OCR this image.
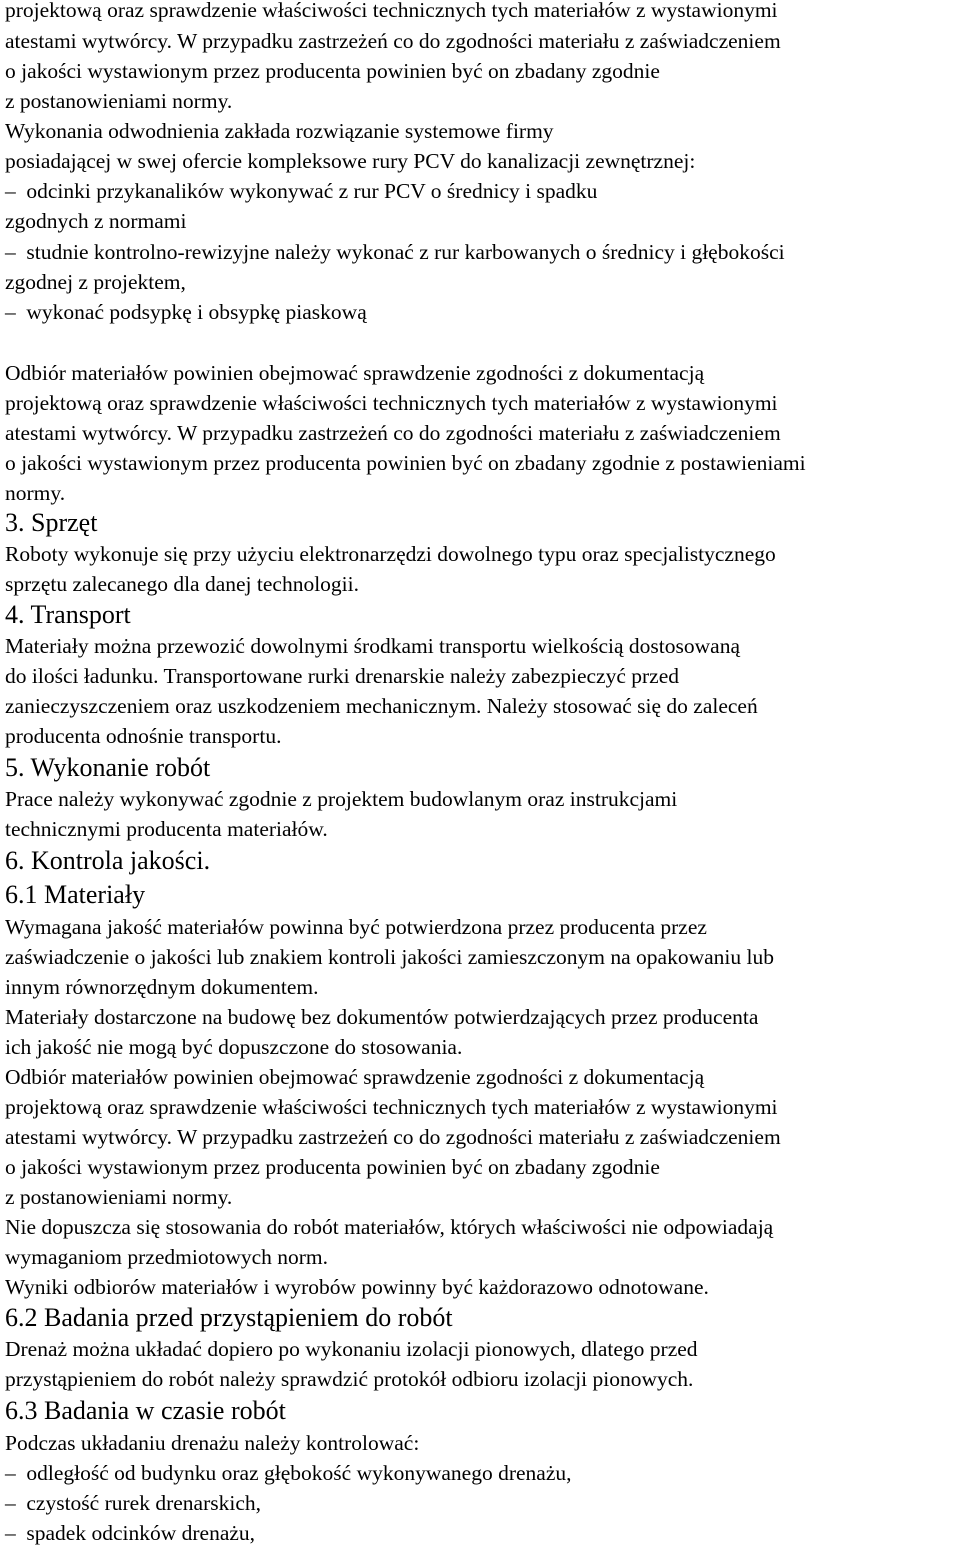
projektową oraz sprawdzenie właściwości technicznych tych materiałów z wystawionymi
atestami wytwórcy. W przypadku zastrzeżeń co do zgodności materiału z zaświadczeniem
o jakości wystawionym przez producenta powinien być on zbadany zgodnie
z postanowieniami normy.
Wykonania odwodnienia zakłada rozwiązanie systemowe firmy
posiadającej w swej ofercie kompleksowe rury PCV do kanalizacji zewnętrznej:
– odcinki przykanalików wykonywać z rur PCV o średnicy i spadku
zgodnych z normami
– studnie kontrolno-rewizyjne należy wykonać z rur karbowanych o średnicy i głębokości
zgodnej z projektem,
– wykonać podsypkę i obsypkę piaskową
Odbiór materiałów powinien obejmować sprawdzenie zgodności z dokumentacją
projektową oraz sprawdzenie właściwości technicznych tych materiałów z wystawionymi
atestami wytwórcy. W przypadku zastrzeżeń co do zgodności materiału z zaświadczeniem
o jakości wystawionym przez producenta powinien być on zbadany zgodnie z postawieniami
normy.
3. Sprzęt
Roboty wykonuje się przy użyciu elektronarzędzi dowolnego typu oraz specjalistycznego
sprzętu zalecanego dla danej technologii.
4. Transport
Materiały można przewozić dowolnymi środkami transportu wielkością dostosowaną
do ilości ładunku. Transportowane rurki drenarskie należy zabezpieczyć przed
zanieczyszczeniem oraz uszkodzeniem mechanicznym. Należy stosować się do zaleceń
producenta odnośnie transportu.
5. Wykonanie robót
Prace należy wykonywać zgodnie z projektem budowlanym oraz instrukcjami
technicznymi producenta materiałów.
6. Kontrola jakości.
6.1 Materiały
Wymagana jakość materiałów powinna być potwierdzona przez producenta przez
zaświadczenie o jakości lub znakiem kontroli jakości zamieszczonym na opakowaniu lub
innym równorzędnym dokumentem.
Materiały dostarczone na budowę bez dokumentów potwierdzających przez producenta
ich jakość nie mogą być dopuszczone do stosowania.
Odbiór materiałów powinien obejmować sprawdzenie zgodności z dokumentacją
projektową oraz sprawdzenie właściwości technicznych tych materiałów z wystawionymi
atestami wytwórcy. W przypadku zastrzeżeń co do zgodności materiału z zaświadczeniem
o jakości wystawionym przez producenta powinien być on zbadany zgodnie
z postanowieniami normy.
Nie dopuszcza się stosowania do robót materiałów, których właściwości nie odpowiadają
wymaganiom przedmiotowych norm.
Wyniki odbiorów materiałów i wyrobów powinny być każdorazowo odnotowane.
6.2 Badania przed przystąpieniem do robót
Drenaż można układać dopiero po wykonaniu izolacji pionowych, dlatego przed
przystąpieniem do robót należy sprawdzić protokół odbioru izolacji pionowych.
6.3 Badania w czasie robót
Podczas układaniu drenażu należy kontrolować:
– odległość od budynku oraz głębokość wykonywanego drenażu,
– czystość rurek drenarskich,
– spadek odcinków drenażu,
